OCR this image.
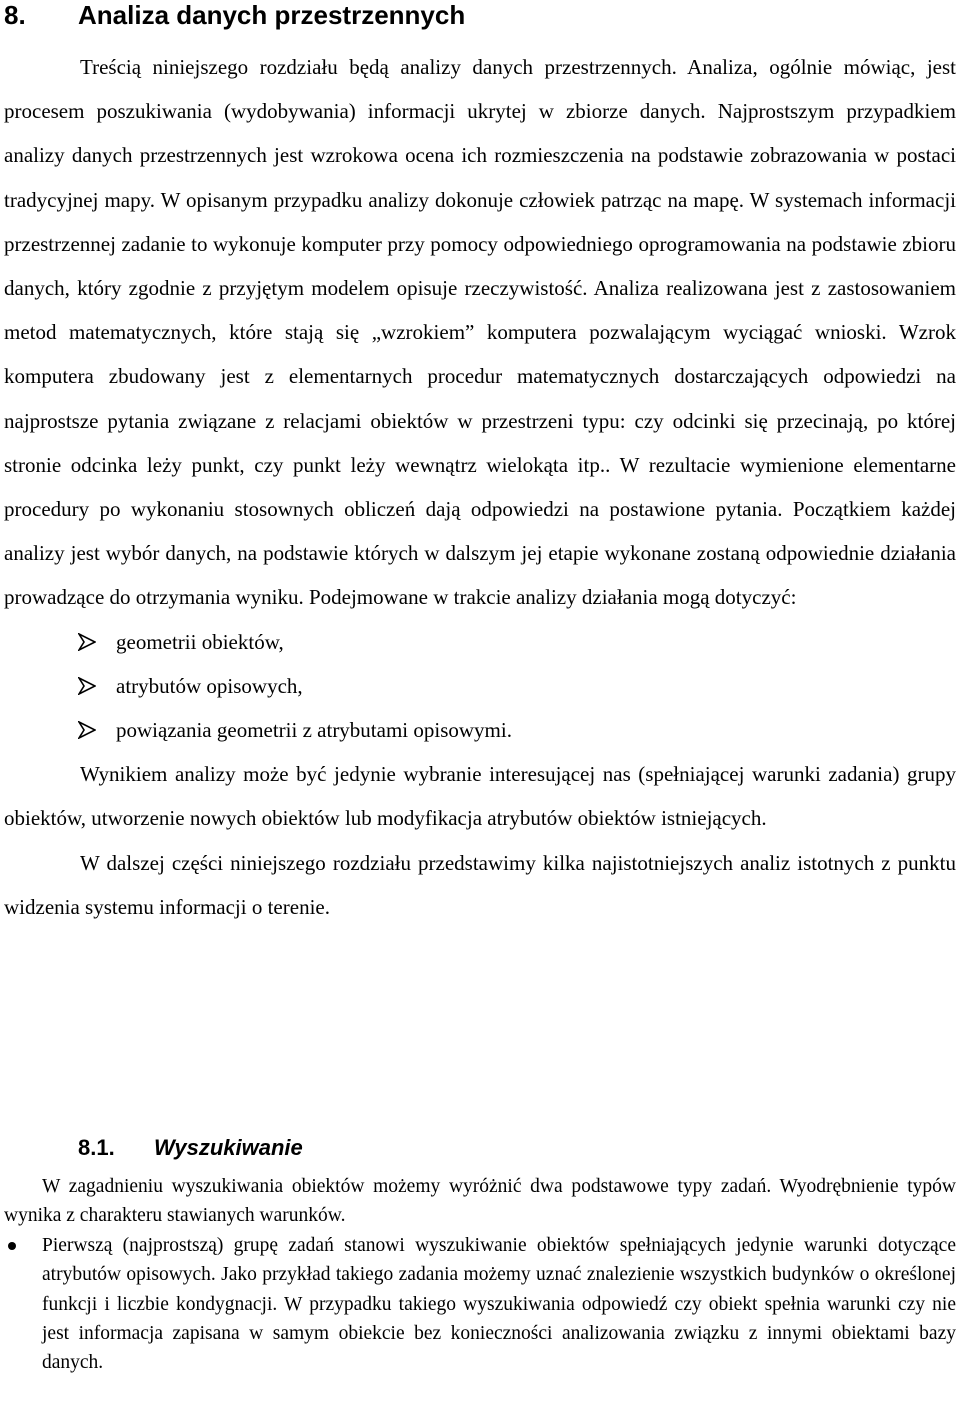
8. Analiza danych przestrzennych

Treścią niniejszego rozdziału będą analizy danych przestrzennych. Analiza, ogólnie mówiąc, jest procesem poszukiwania (wydobywania) informacji ukrytej w zbiorze danych. Najprostszym przypadkiem analizy danych przestrzennych jest wzrokowa ocena ich rozmieszczenia na podstawie zobrazowania w postaci tradycyjnej mapy. W opisanym przypadku analizy dokonuje człowiek patrząc na mapę. W systemach informacji przestrzennej zadanie to wykonuje komputer przy pomocy odpowiedniego oprogramowania na podstawie zbioru danych, który zgodnie z przyjętym modelem opisuje rzeczywistość. Analiza realizowana jest z zastosowaniem metod matematycznych, które stają się „wzrokiem” komputera pozwalającym wyciągać wnioski. Wzrok komputera zbudowany jest z elementarnych procedur matematycznych dostarczających odpowiedzi na najprostsze pytania związane z relacjami obiektów w przestrzeni typu: czy odcinki się przecinają, po której stronie odcinka leży punkt, czy punkt leży wewnątrz wielokąta itp.. W rezultacie wymienione elementarne procedury po wykonaniu stosownych obliczeń dają odpowiedzi na postawione pytania. Początkiem każdej analizy jest wybór danych, na podstawie których w dalszym jej etapie wykonane zostaną odpowiednie działania prowadzące do otrzymania wyniku. Podejmowane w trakcie analizy działania mogą dotyczyć:

geometrii obiektów,
atrybutów opisowych,
powiązania geometrii z atrybutami opisowymi.

Wynikiem analizy może być jedynie wybranie interesującej nas (spełniającej warunki zadania) grupy obiektów, utworzenie nowych obiektów lub modyfikacja atrybutów obiektów istniejących.

W dalszej części niniejszego rozdziału przedstawimy kilka najistotniejszych analiz istotnych z punktu widzenia systemu informacji o terenie.

8.1. Wyszukiwanie

W zagadnieniu wyszukiwania obiektów możemy wyróżnić dwa podstawowe typy zadań. Wyodrębnienie typów wynika z charakteru stawianych warunków.

Pierwszą (najprostszą) grupę zadań stanowi wyszukiwanie obiektów spełniających jedynie warunki dotyczące atrybutów opisowych. Jako przykład takiego zadania możemy uznać znalezienie wszystkich budynków o określonej funkcji i liczbie kondygnacji. W przypadku takiego wyszukiwania odpowiedź czy obiekt spełnia warunki czy nie jest informacja zapisana w samym obiekcie bez konieczności analizowania związku z innymi obiektami bazy danych.
